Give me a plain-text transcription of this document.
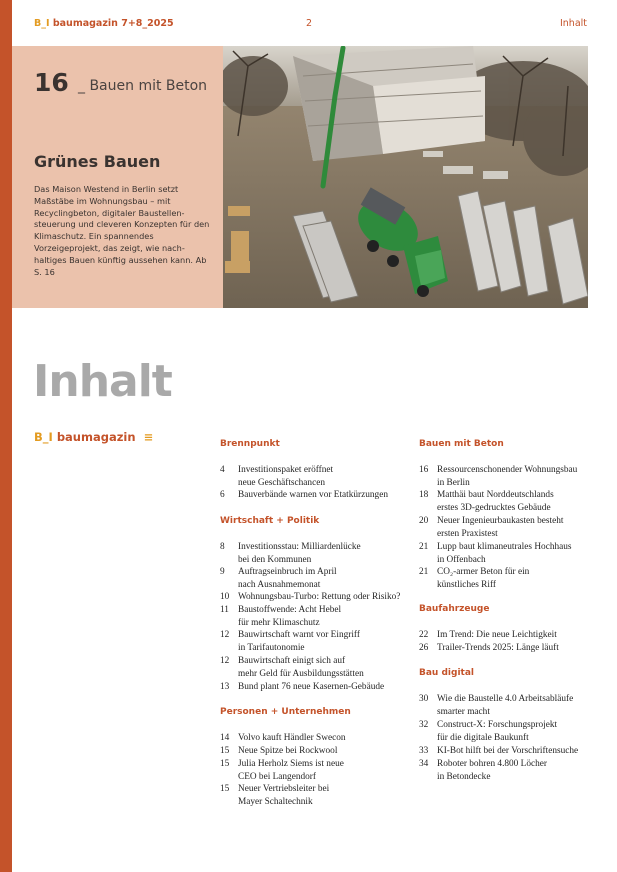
B_I baumagazin 7+8_2025	2	Inhalt
16 _ Bauen mit Beton
Grünes Bauen
Das Maison Westend in Berlin setzt Maßstäbe im Wohnungsbau – mit Recyclingbeton, digitaler Baustellen-steuerung und cleveren Konzepten für den Klimaschutz. Ein spannendes Vorzeigeprojekt, das zeigt, wie nach-haltiges Bauen künftig aussehen kann. Ab S. 16
Inhalt
B_I baumagazin ≡	Brennpunkt
4	Investitionspaket eröffnet
neue Geschäftschancen
6	Bauverbände warnen vor Etatkürzungen
Wirtschaft + Politik
8	Investitionsstau: Milliardenlücke
bei den Kommunen
9	Auftragseinbruch im April
nach Ausnahmemonat
10 Wohnungsbau-Turbo: Rettung oder Risiko?
11 Baustoffwende: Acht Hebel
für mehr Klimaschutz
12 Bauwirtschaft warnt vor Eingriff
in Tarifautonomie
12 Bauwirtschaft einigt sich auf
mehr Geld für Ausbildungsstätten
13 Bund plant 76 neue Kasernen-Gebäude
Personen + Unternehmen
14 Volvo kauft Händler Swecon
15 Neue Spitze bei Rockwool
15 Julia Herholz Siems ist neue
CEO bei Langendorf
15 Neuer Vertriebsleiter bei
Mayer Schaltechnik
Bauen mit Beton
16 Ressourcenschonender Wohnungsbau
in Berlin
18 Matthäi baut Norddeutschlands
erstes 3D-gedrucktes Gebäude
20 Neuer Ingenieurbaukasten besteht
ersten Praxistest
21 Lupp baut klimaneutrales Hochhaus
in Offenbach
21 CO₂-armer Beton für ein
künstliches Riff
Baufahrzeuge
22 Im Trend: Die neue Leichtigkeit
26 Trailer-Trends 2025: Länge läuft
Bau digital
30 Wie die Baustelle 4.0 Arbeitsabläufe
smarter macht
32 Construct-X: Forschungsprojekt
für die digitale Baukunft
33 KI-Bot hilft bei der Vorschriftensuche
34 Roboter bohren 4.800 Löcher
in Betondecke
